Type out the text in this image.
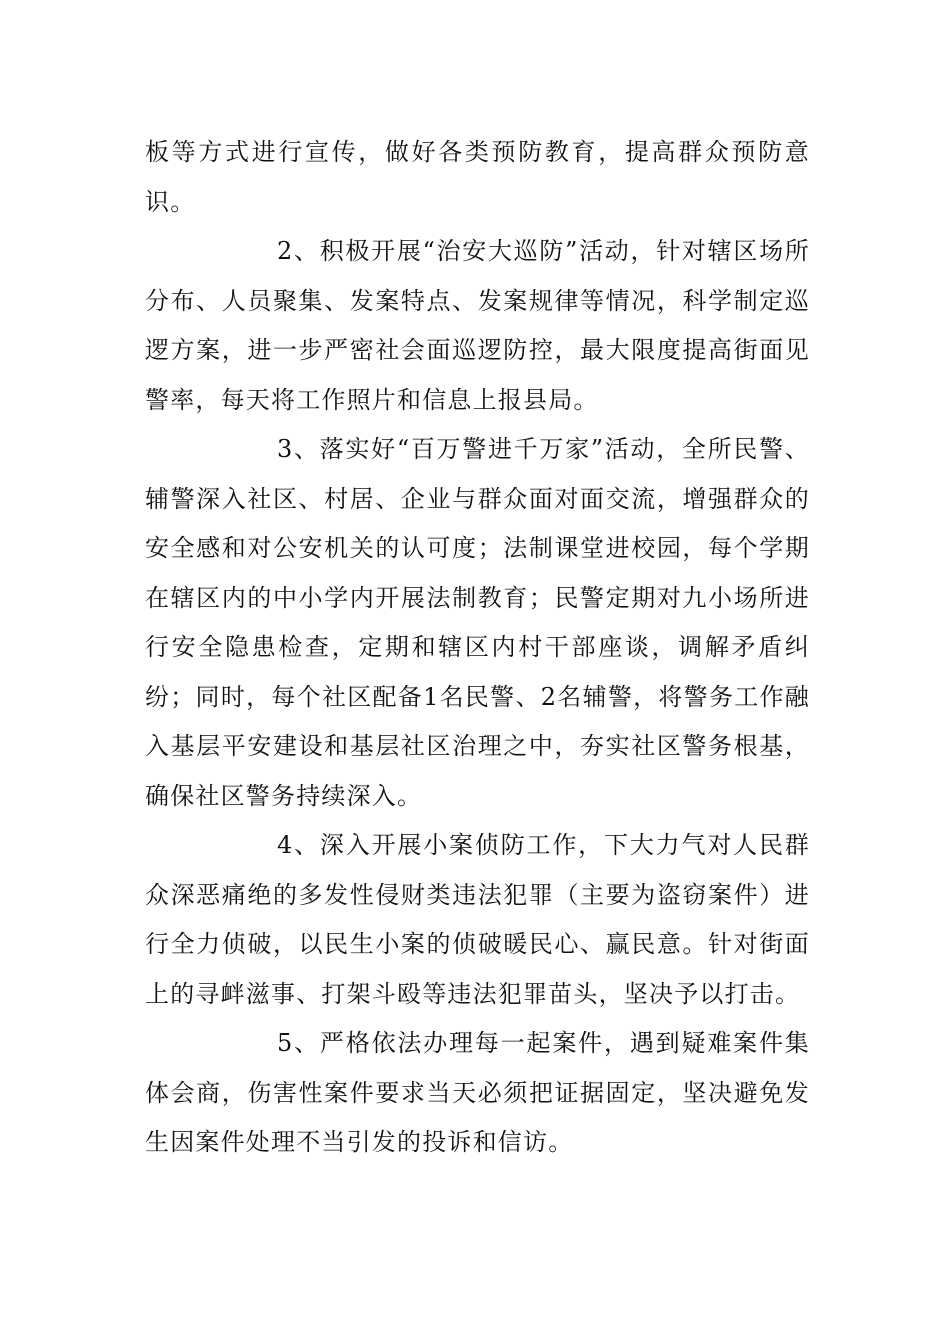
板等方式进行宣传，做好各类预防教育，提高群众预防意识。

2、积极开展“治安大巡防”活动，针对辖区场所分布、人员聚集、发案特点、发案规律等情况，科学制定巡逻方案，进一步严密社会面巡逻防控，最大限度提高街面见警率，每天将工作照片和信息上报县局。

3、落实好“百万警进千万家”活动，全所民警、辅警深入社区、村居、企业与群众面对面交流，增强群众的安全感和对公安机关的认可度；法制课堂进校园，每个学期在辖区内的中小学内开展法制教育；民警定期对九小场所进行安全隐患检查，定期和辖区内村干部座谈，调解矛盾纠纷；同时，每个社区配备1名民警、2名辅警，将警务工作融入基层平安建设和基层社区治理之中，夯实社区警务根基，确保社区警务持续深入。

4、深入开展小案侦防工作，下大力气对人民群众深恶痛绝的多发性侵财类违法犯罪（主要为盗窃案件）进行全力侦破，以民生小案的侦破暖民心、赢民意。针对街面上的寻衅滋事、打架斗殴等违法犯罪苗头，坚决予以打击。

5、严格依法办理每一起案件，遇到疑难案件集体会商，伤害性案件要求当天必须把证据固定，坚决避免发生因案件处理不当引发的投诉和信访。
